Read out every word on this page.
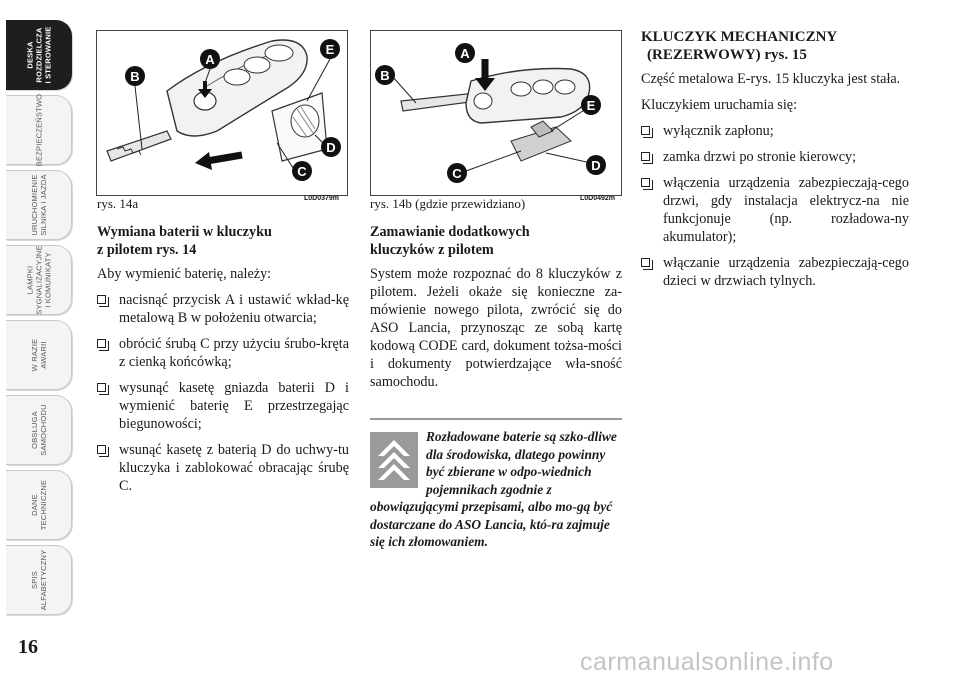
DESKA
ROZDZIELCZA
I STEROWANIE
BEZPIECZEŃSTWO
URUCHOMIENIE
SILNIKA I JAZDA
LAMPKI
SYGNALIZACYJNE
I KOMUNIKATY
W RAZIE
AWARII
OBSŁUGA
SAMOCHODU
DANE
TECHNICZNE
SPIS
ALFABETYCZNY
16
B
A
E
D
C
rys. 14a	L0D0379m
A
B
E
C
D
rys. 14b (gdzie przewidziano)	L0D0492m
Wymiana baterii w kluczyku
z pilotem rys. 14
Aby wymienić baterię, należy:
nacisnąć przycisk A i ustawić wkład-kę metalową B w położeniu otwarcia;
obrócić śrubą C przy użyciu śrubo-kręta z cienką końcówką;
wysunąć kasetę gniazda baterii D i wymienić baterię E przestrzegając biegunowości;
wsunąć kasetę z baterią D do uchwy-tu kluczyka i zablokować obracając śrubę C.
Zamawianie dodatkowych
kluczyków z pilotem
System może rozpoznać do 8 kluczyków z pilotem. Jeżeli okaże się konieczne za-mówienie nowego pilota, zwrócić się do ASO Lancia, przynosząc ze sobą kartę kodową CODE card, dokument tożsa-mości i dokumenty potwierdzające wła-sność samochodu.
Rozładowane baterie są szko-dliwe dla środowiska, dlatego powinny być zbierane w odpo-wiednich pojemnikach zgodnie z obowiązującymi przepisami, albo mo-gą być dostarczane do ASO Lancia, któ-ra zajmuje się ich złomowaniem.
KLUCZYK MECHANICZNY
(REZERWOWY) rys. 15
Część metalowa E-rys. 15 kluczyka jest stała.
Kluczykiem uruchamia się:
wyłącznik zapłonu;
zamka drzwi po stronie kierowcy;
włączenia urządzenia zabezpieczają-cego drzwi, gdy instalacja elektrycz-na nie funkcjonuje (np. rozładowa-ny akumulator);
włączanie urządzenia zabezpieczają-cego dzieci w drzwiach tylnych.
carmanualsonline.info
